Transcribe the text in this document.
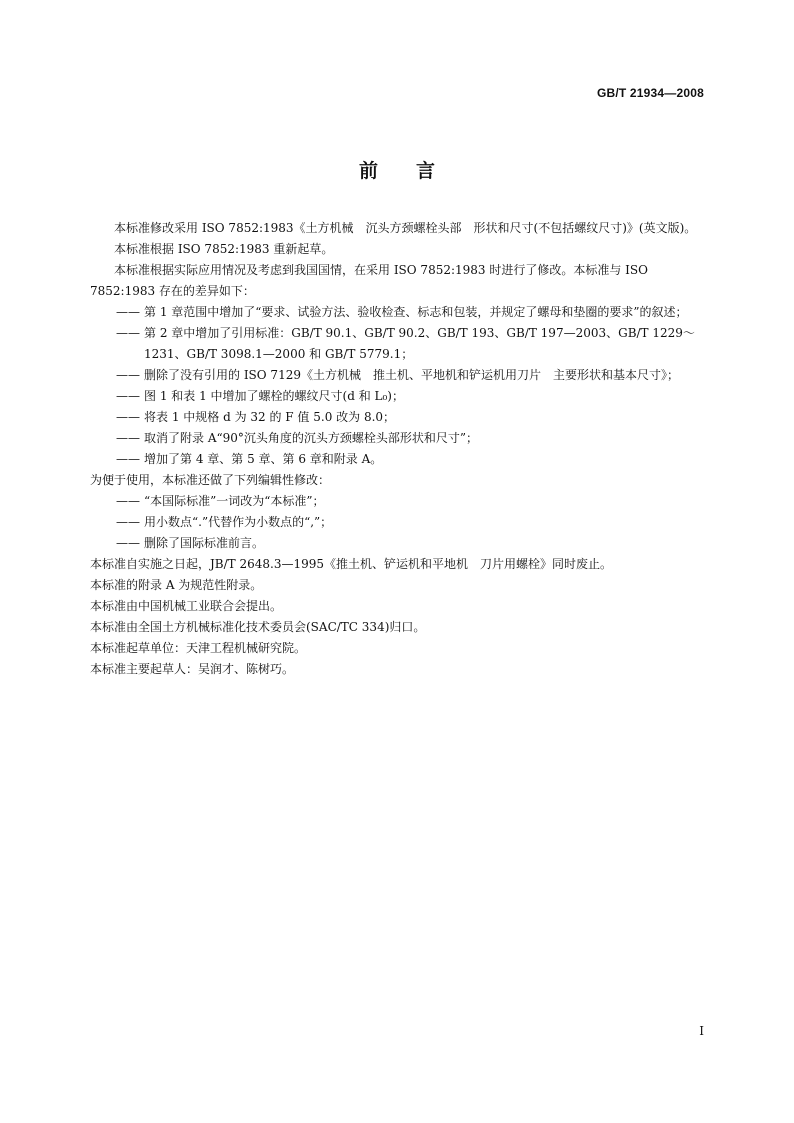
GB/T 21934—2008
前言

本标准修改采用 ISO 7852:1983《土方机械　沉头方颈螺栓头部　形状和尺寸(不包括螺纹尺寸)》(英文版)。

本标准根据 ISO 7852:1983 重新起草。

本标准根据实际应用情况及考虑到我国国情，在采用 ISO 7852:1983 时进行了修改。本标准与 ISO 7852:1983 存在的差异如下：

—— 第 1 章范围中增加了“要求、试验方法、验收检查、标志和包装，并规定了螺母和垫圈的要求”的叙述；

—— 第 2 章中增加了引用标准：GB/T 90.1、GB/T 90.2、GB/T 193、GB/T 197—2003、GB/T 1229～1231、GB/T 3098.1—2000 和 GB/T 5779.1；

—— 删除了没有引用的 ISO 7129《土方机械　推土机、平地机和铲运机用刀片　主要形状和基本尺寸》；

—— 图 1 和表 1 中增加了螺栓的螺纹尺寸(d 和 L₀)；

—— 将表 1 中规格 d 为 32 的 F 值 5.0 改为 8.0；

—— 取消了附录 A“90°沉头角度的沉头方颈螺栓头部形状和尺寸”；

—— 增加了第 4 章、第 5 章、第 6 章和附录 A。

为便于使用，本标准还做了下列编辑性修改：

—— “本国际标准”一词改为“本标准”；

—— 用小数点“.”代替作为小数点的“,”；

—— 删除了国际标准前言。

本标准自实施之日起，JB/T 2648.3—1995《推土机、铲运机和平地机　刀片用螺栓》同时废止。

本标准的附录 A 为规范性附录。

本标准由中国机械工业联合会提出。

本标准由全国土方机械标准化技术委员会(SAC/TC 334)归口。

本标准起草单位：天津工程机械研究院。

本标准主要起草人：吴润才、陈树巧。

I
